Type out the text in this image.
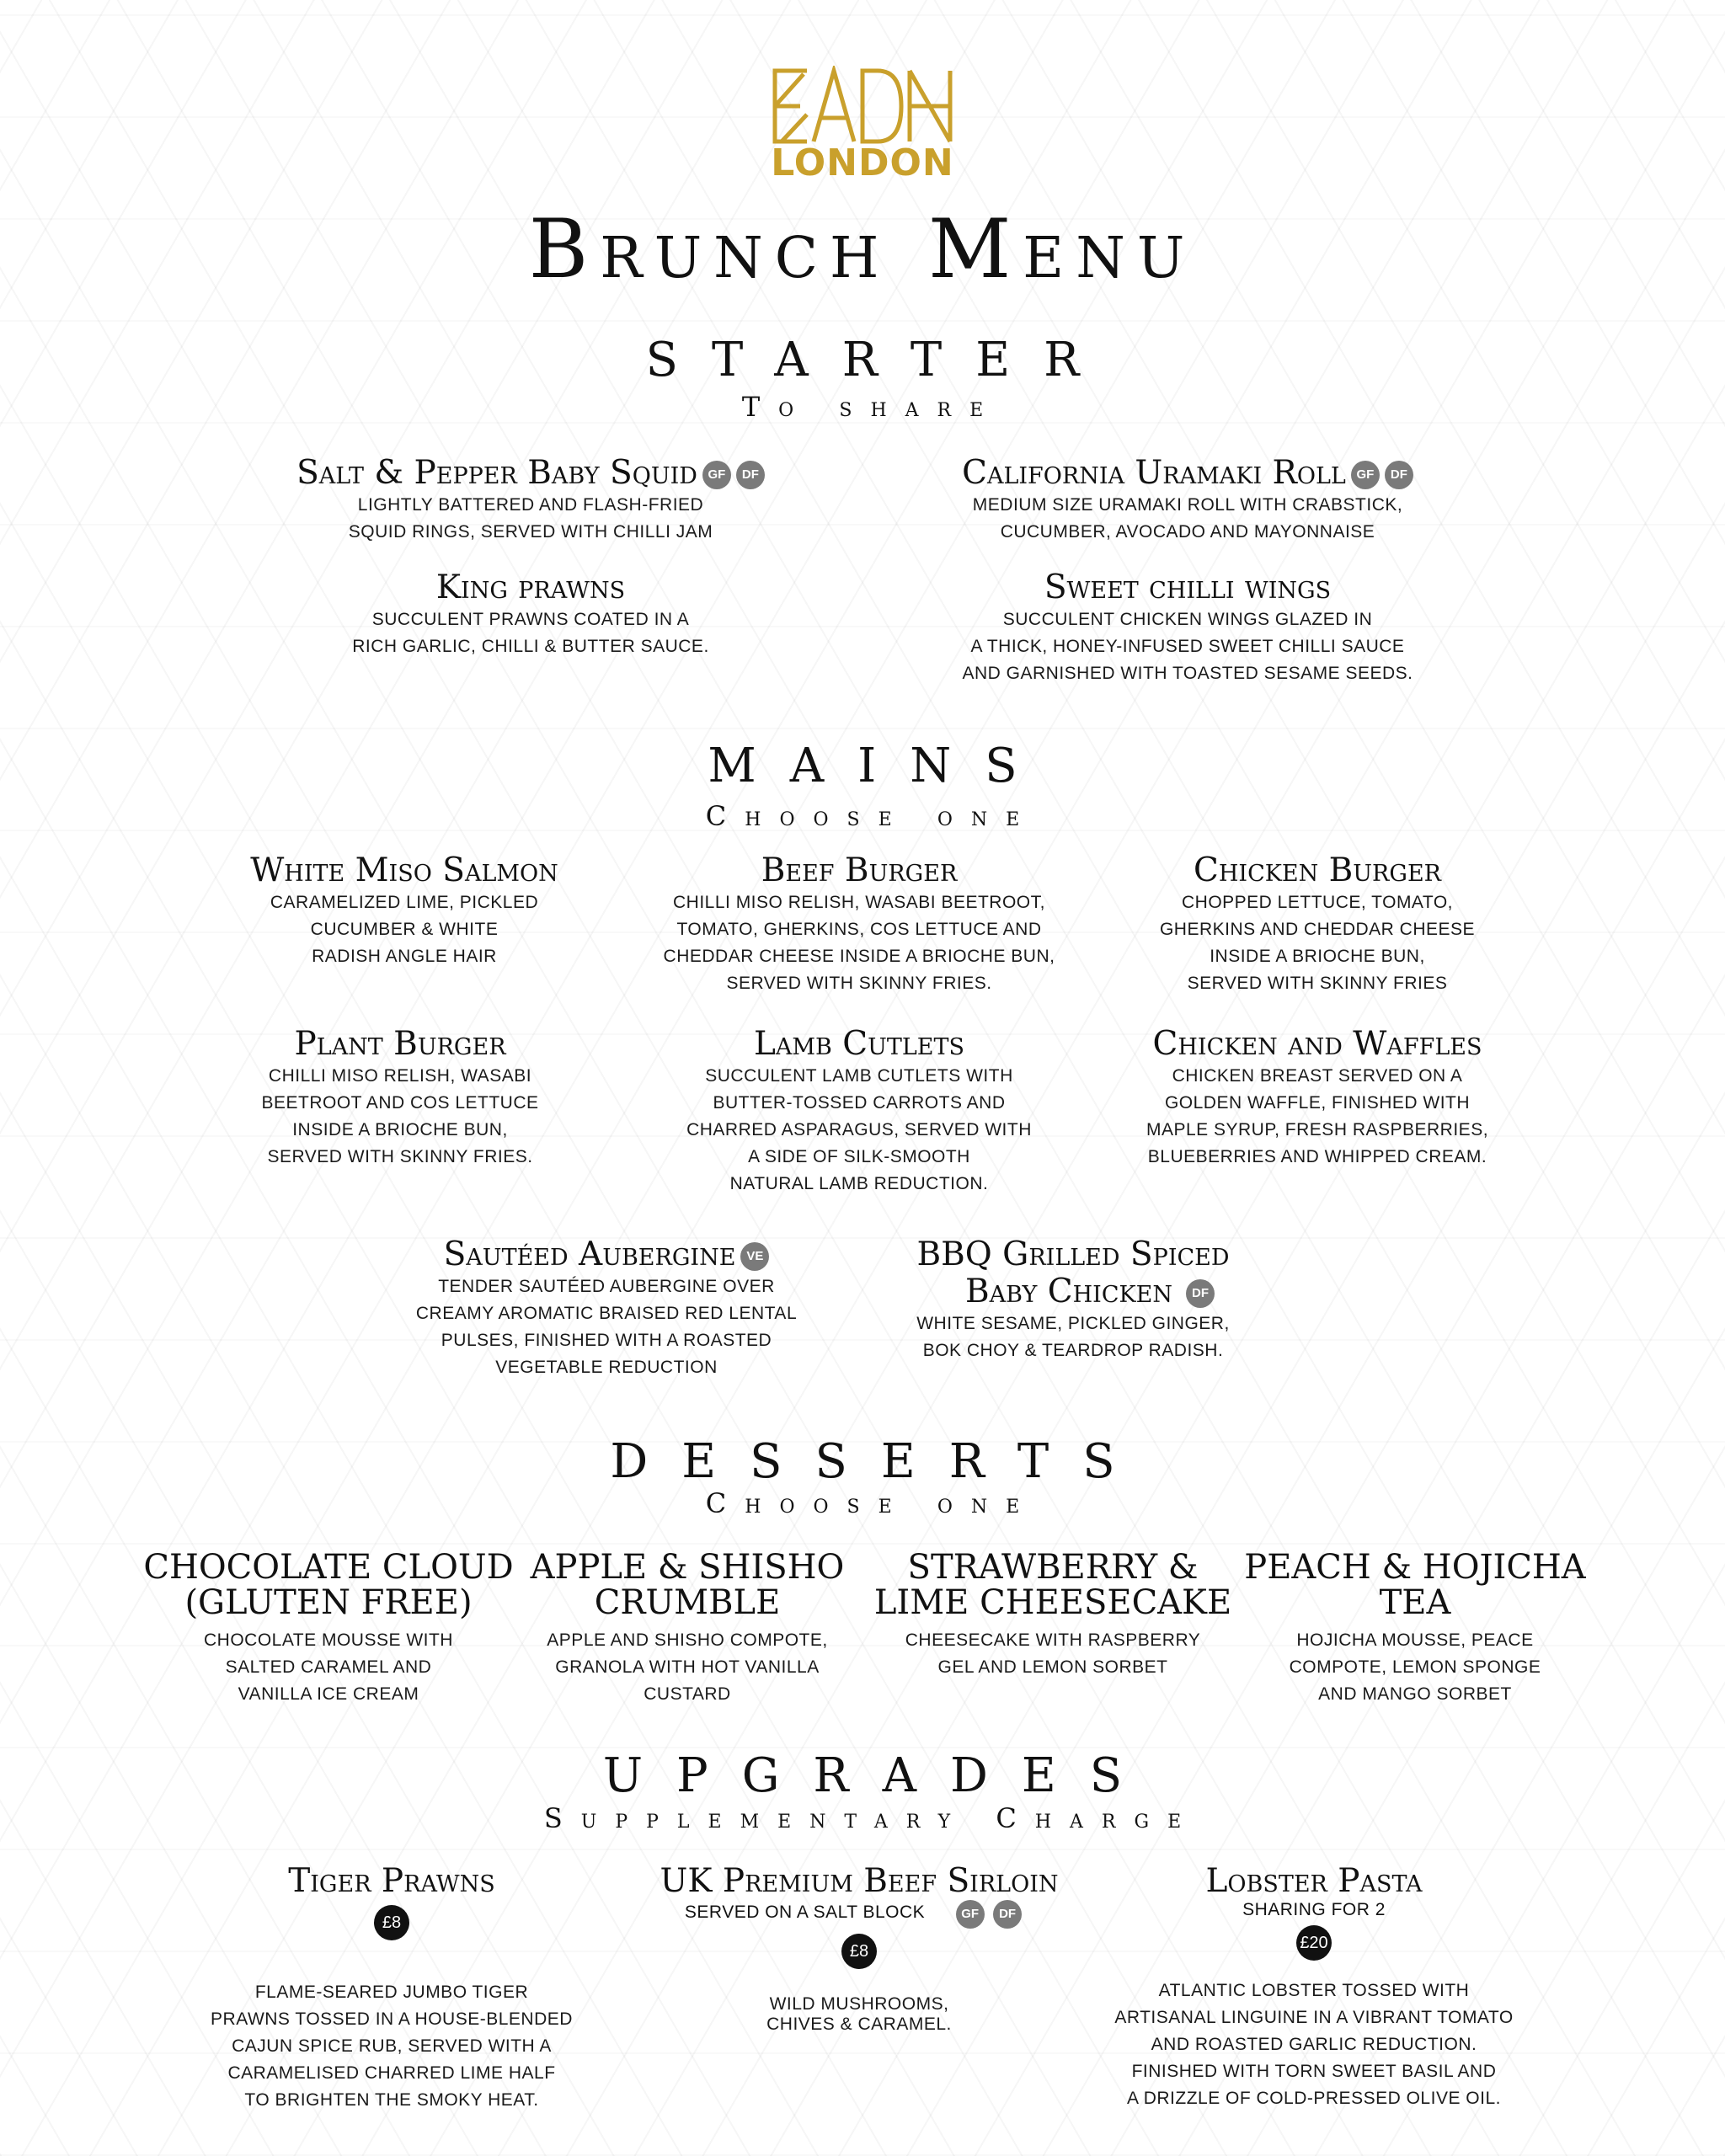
LONDON
Brunch Menu
STARTER
To share
Salt & Pepper Baby Squid GF DF
LIGHTLY BATTERED AND FLASH-FRIED
SQUID RINGS, SERVED WITH CHILLI JAM
California Uramaki Roll GF DF
MEDIUM SIZE URAMAKI ROLL WITH CRABSTICK,
CUCUMBER, AVOCADO AND MAYONNAISE
King prawns
SUCCULENT PRAWNS COATED IN A
RICH GARLIC, CHILLI & BUTTER SAUCE.
Sweet chilli wings
SUCCULENT CHICKEN WINGS GLAZED IN
A THICK, HONEY-INFUSED SWEET CHILLI SAUCE
AND GARNISHED WITH TOASTED SESAME SEEDS.
MAINS
Choose one
White Miso Salmon
CARAMELIZED LIME, PICKLED
CUCUMBER & WHITE
RADISH ANGLE HAIR
Beef Burger
CHILLI MISO RELISH, WASABI BEETROOT,
TOMATO, GHERKINS, COS LETTUCE AND
CHEDDAR CHEESE INSIDE A BRIOCHE BUN,
SERVED WITH SKINNY FRIES.
Chicken Burger
CHOPPED LETTUCE, TOMATO,
GHERKINS AND CHEDDAR CHEESE
INSIDE A BRIOCHE BUN,
SERVED WITH SKINNY FRIES
Plant Burger
CHILLI MISO RELISH, WASABI
BEETROOT AND COS LETTUCE
INSIDE A BRIOCHE BUN,
SERVED WITH SKINNY FRIES.
Lamb Cutlets
SUCCULENT LAMB CUTLETS WITH
BUTTER-TOSSED CARROTS AND
CHARRED ASPARAGUS, SERVED WITH
A SIDE OF SILK-SMOOTH
NATURAL LAMB REDUCTION.
Chicken and Waffles
CHICKEN BREAST SERVED ON A
GOLDEN WAFFLE, FINISHED WITH
MAPLE SYRUP, FRESH RASPBERRIES,
BLUEBERRIES AND WHIPPED CREAM.
Sautéed Aubergine VE
TENDER SAUTÉED AUBERGINE OVER
CREAMY AROMATIC BRAISED RED LENTAL
PULSES, FINISHED WITH A ROASTED
VEGETABLE REDUCTION
BBQ Grilled Spiced
Baby Chicken DF
WHITE SESAME, PICKLED GINGER,
BOK CHOY & TEARDROP RADISH.
DESSERTS
Choose one
CHOCOLATE CLOUD
(GLUTEN FREE)
CHOCOLATE MOUSSE WITH
SALTED CARAMEL AND
VANILLA ICE CREAM
APPLE & SHISHO
CRUMBLE
APPLE AND SHISHO COMPOTE,
GRANOLA WITH HOT VANILLA
CUSTARD
STRAWBERRY &
LIME CHEESECAKE
CHEESECAKE WITH RASPBERRY
GEL AND LEMON SORBET
PEACH & HOJICHA
TEA
HOJICHA MOUSSE, PEACE
COMPOTE, LEMON SPONGE
AND MANGO SORBET
UPGRADES
Supplementary Charge
Tiger Prawns
£8
FLAME-SEARED JUMBO TIGER
PRAWNS TOSSED IN A HOUSE-BLENDED
CAJUN SPICE RUB, SERVED WITH A
CARAMELISED CHARRED LIME HALF
TO BRIGHTEN THE SMOKY HEAT.
UK Premium Beef Sirloin
SERVED ON A SALT BLOCK	GF DF
£8
WILD MUSHROOMS,
CHIVES & CARAMEL.
Lobster Pasta
SHARING FOR 2
£20
ATLANTIC LOBSTER TOSSED WITH
ARTISANAL LINGUINE IN A VIBRANT TOMATO
AND ROASTED GARLIC REDUCTION.
FINISHED WITH TORN SWEET BASIL AND
A DRIZZLE OF COLD-PRESSED OLIVE OIL.
